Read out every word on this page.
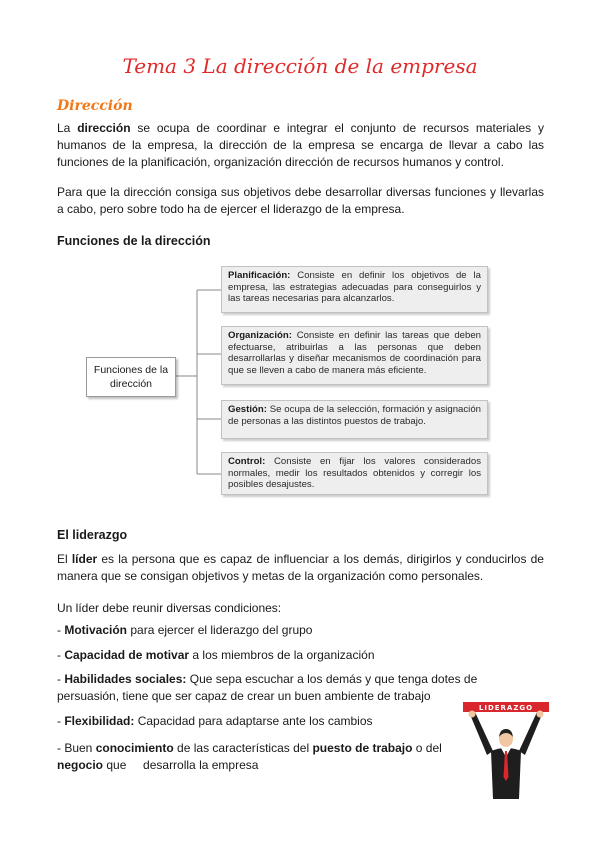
Tema 3 La dirección de la empresa
Dirección

La dirección se ocupa de coordinar e integrar el conjunto de recursos materiales y humanos de la empresa, la dirección de la empresa se encarga de llevar a cabo las funciones de la planificación, organización dirección de recursos humanos y control.

Para que la dirección consiga sus objetivos debe desarrollar diversas funciones y llevarlas a cabo, pero sobre todo ha de ejercer el liderazgo de la empresa.

Funciones de la dirección

Funciones de la dirección
Planificación: Consiste en definir los objetivos de la empresa, las estrategias adecuadas para conseguirlos y las tareas necesarias para alcanzarlos.
Organización: Consiste en definir las tareas que deben efectuarse, atribuirlas a las personas que deben desarrollarlas y diseñar mecanismos de coordinación para que se lleven a cabo de manera más eficiente.
Gestión: Se ocupa de la selección, formación y asignación de personas a las distintos puestos de trabajo.
Control: Consiste en fijar los valores considerados normales, medir los resultados obtenidos y corregir los posibles desajustes.

El liderazgo

El líder es la persona que es capaz de influenciar a los demás, dirigirlos y conducirlos de manera que se consigan objetivos y metas de la organización como personales.

Un líder debe reunir diversas condiciones:

- Motivación para ejercer el liderazgo del grupo

- Capacidad de motivar a los miembros de la organización

- Habilidades sociales: Que sepa escuchar a los demás y que tenga dotes de persuasión, tiene que ser capaz de crear un buen ambiente de trabajo

- Flexibilidad: Capacidad para adaptarse ante los cambios

- Buen conocimiento de las características del puesto de trabajo o del negocio que     desarrolla la empresa

LIDERAZGO
